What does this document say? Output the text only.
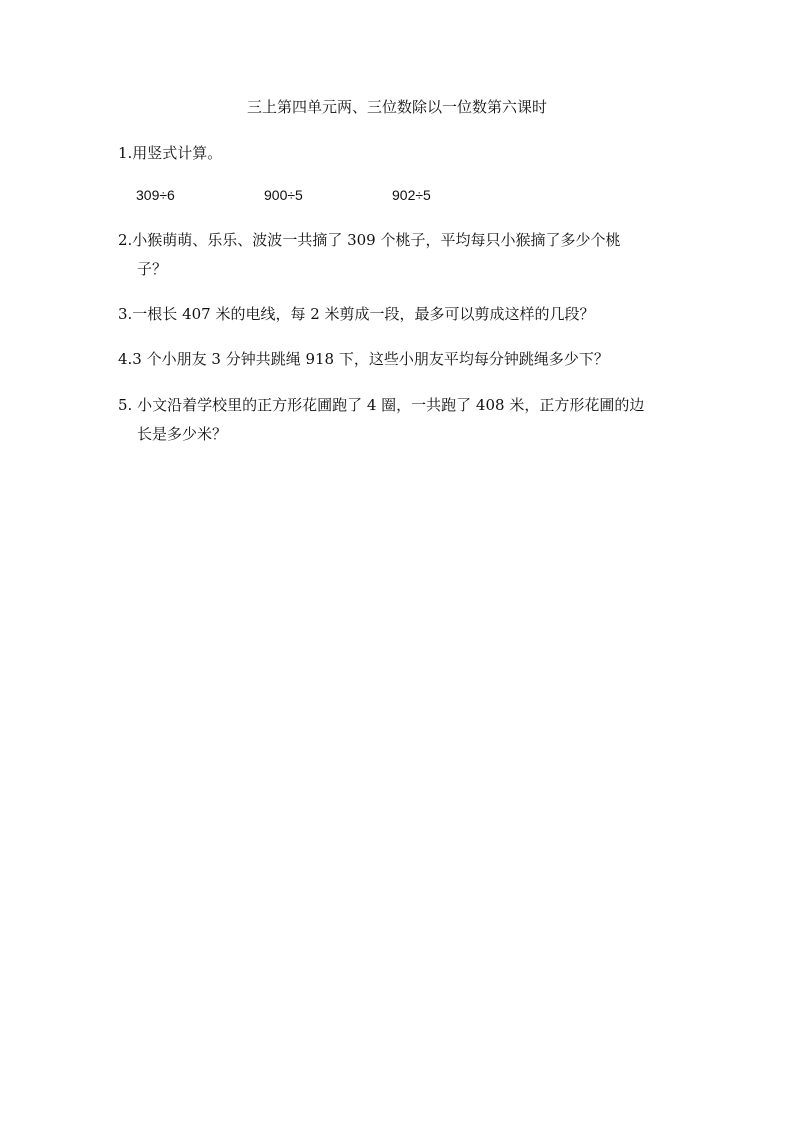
三上第四单元两、三位数除以一位数第六课时
1.用竖式计算。
309÷6	900÷5	902÷5
2.小猴萌萌、乐乐、波波一共摘了 309 个桃子，平均每只小猴摘了多少个桃
子？
3.一根长 407 米的电线，每 2 米剪成一段，最多可以剪成这样的几段？
4.3 个小朋友 3 分钟共跳绳 918 下，这些小朋友平均每分钟跳绳多少下？
5. 小文沿着学校里的正方形花圃跑了 4 圈，一共跑了 408 米，正方形花圃的边
长是多少米？
